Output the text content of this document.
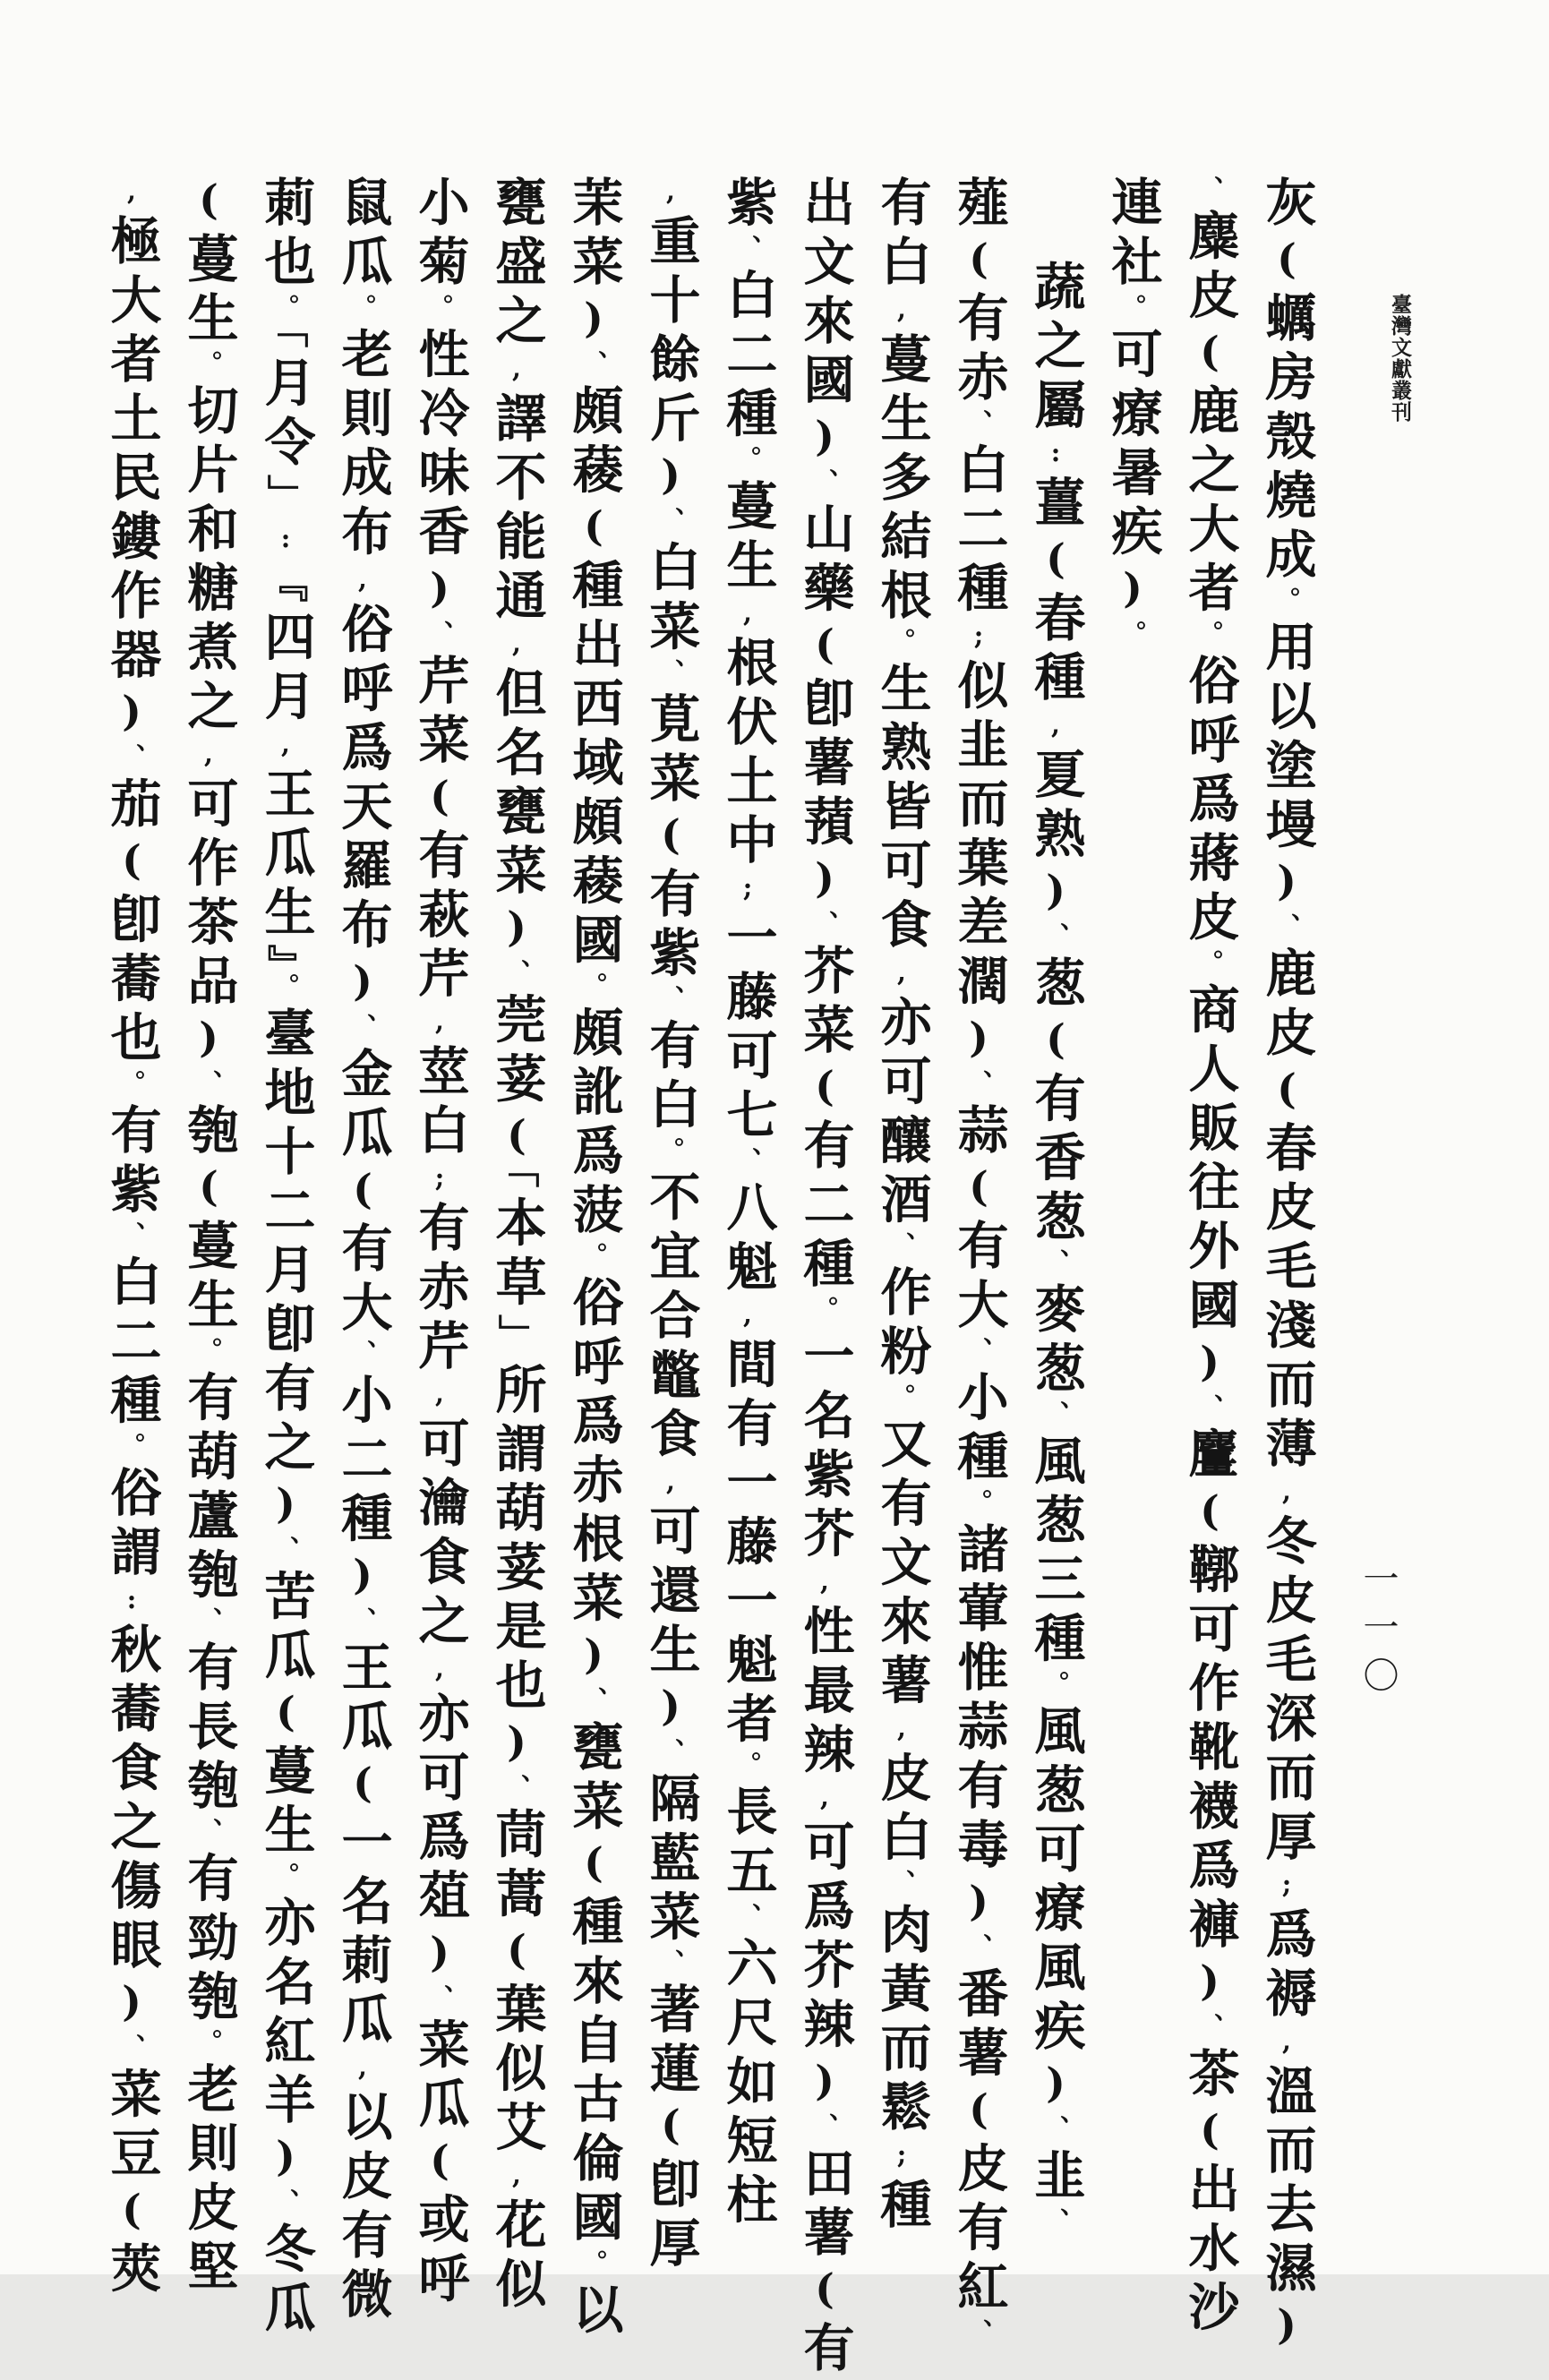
臺灣文獻叢刊
一一〇
灰(蠣房殼燒成。用以塗墁)、鹿皮(春皮毛淺而薄,冬皮毛深而厚;爲褥,溫而去濕)
、麋皮(鹿之大者。俗呼爲蔣皮。商人販往外國)、麠(鞹可作靴襪爲褲)、茶(出水沙
連社。可療暑疾)。
蔬之屬:薑(春種,夏熟)、葱(有香葱、麥葱、風葱三種。風葱可療風疾)、韭、
薤(有赤、白二種;似韭而葉差濶)、蒜(有大、小種。諸葷惟蒜有毒)、番薯(皮有紅、
有白,蔓生多結根。生熟皆可食,亦可釀酒、作粉。又有文來薯,皮白、肉黃而鬆;種
出文來國)、山藥(卽薯蕷)、芥菜(有二種。一名紫芥,性最辣,可爲芥辣)、田薯(有
紫、白二種。蔓生,根伏土中;一藤可七、八魁,間有一藤一魁者。長五、六尺如短柱
,重十餘斤)、白菜、莧菜(有紫、有白。不宜合鼈食,可還生)、隔藍菜、著蓮(卽厚
茉菜)、頗薐(種出西域頗薐國。頗訛爲菠。俗呼爲赤根菜)、甕菜(種來自古倫國。以
甕盛之,譯不能通,但名甕菜)、莞荽(「本草」所謂葫荽是也)、茼蒿(葉似艾,花似
小菊。性冷味香)、芹菜(有萩芹,莖白;有赤芹,可瀹食之,亦可爲葅)、菜瓜(或呼
鼠瓜。老則成布,俗呼爲天羅布)、金瓜(有大、小二種)、王瓜(一名莿瓜,以皮有微
莿也。「月令」:『四月,王瓜生』。臺地十二月卽有之)、苦瓜(蔓生。亦名紅羊)、冬瓜
(蔓生。切片和糖煮之,可作茶品)、匏(蔓生。有葫蘆匏、有長匏、有勁匏。老則皮堅
,極大者土民鏤作器)、茄(卽蕎也。有紫、白二種。俗謂:秋蕎食之傷眼)、菜豆(莢
